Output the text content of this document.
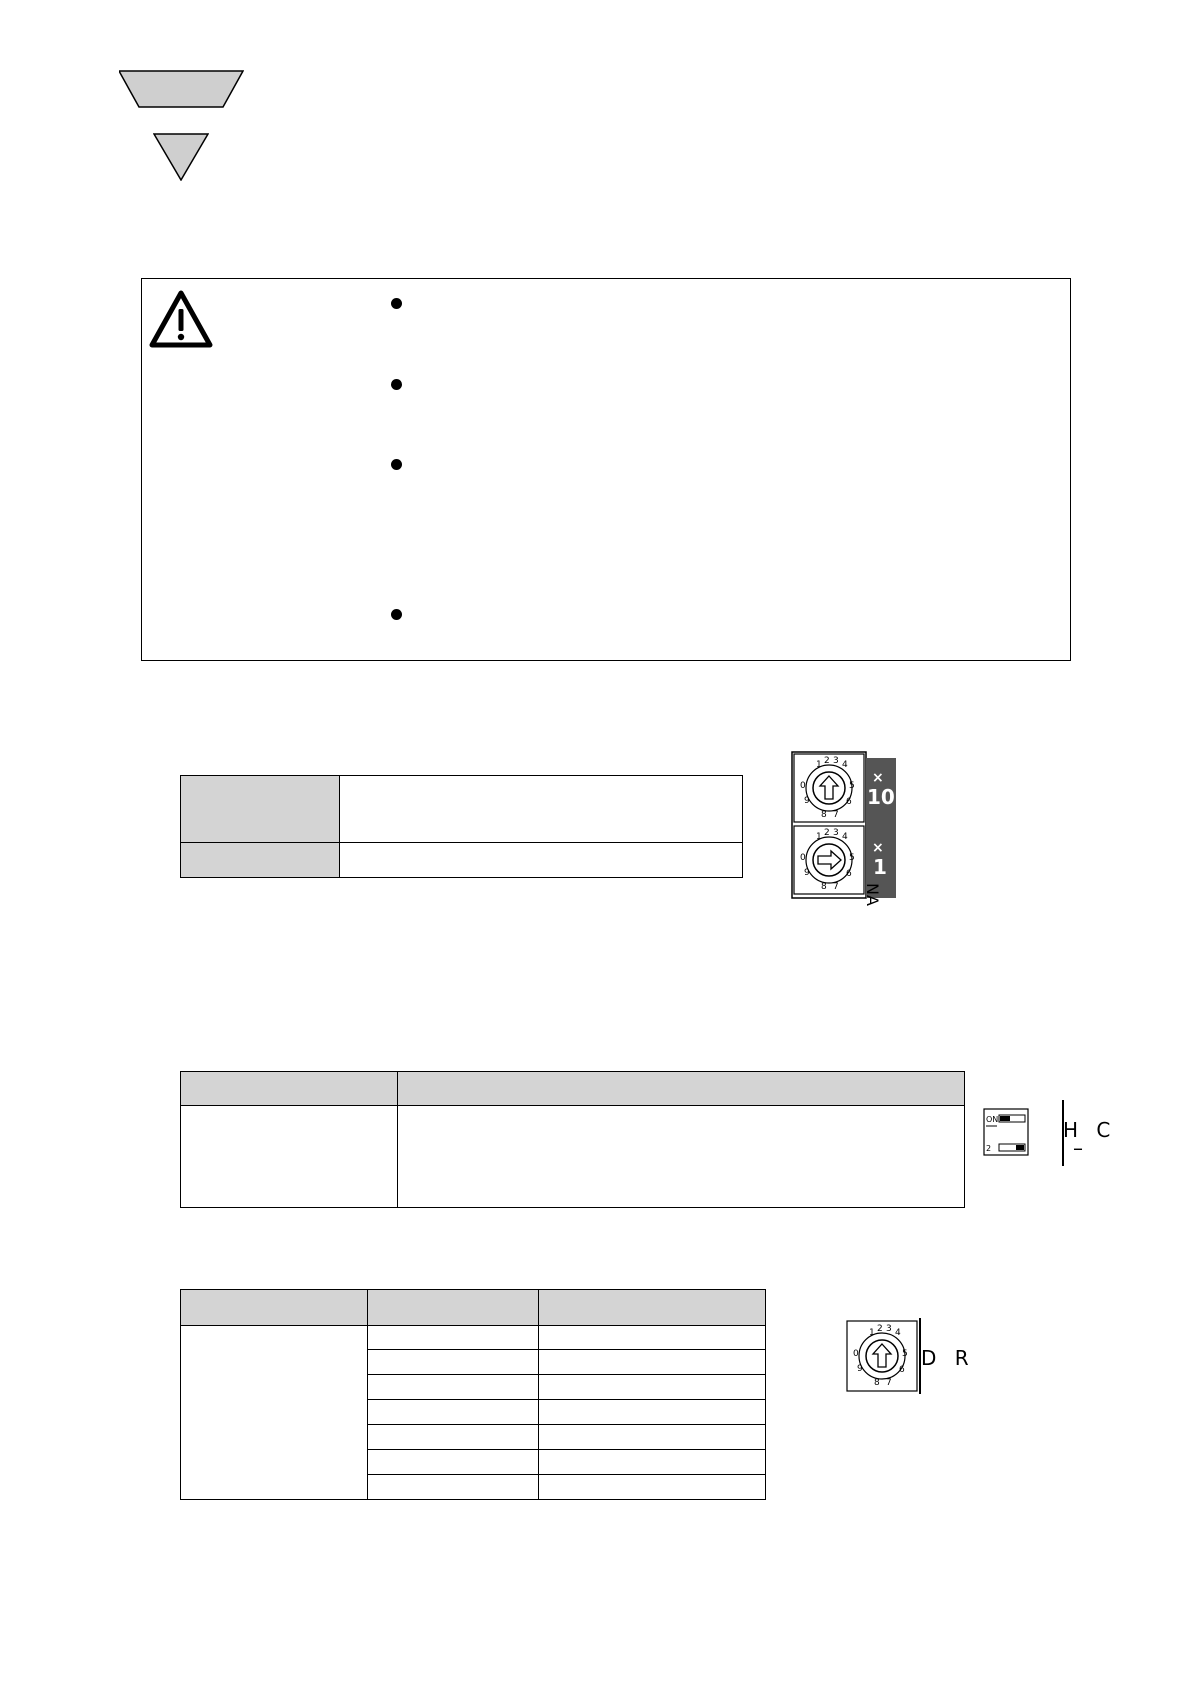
1 2 3 4
5
0
9
8 7
6
1 2 3 4
5
0
9
8 7
6
×
10
×
1
NA

ON
2
H C
–

1 2 3 4
5
0
9
8 7
6 D R
